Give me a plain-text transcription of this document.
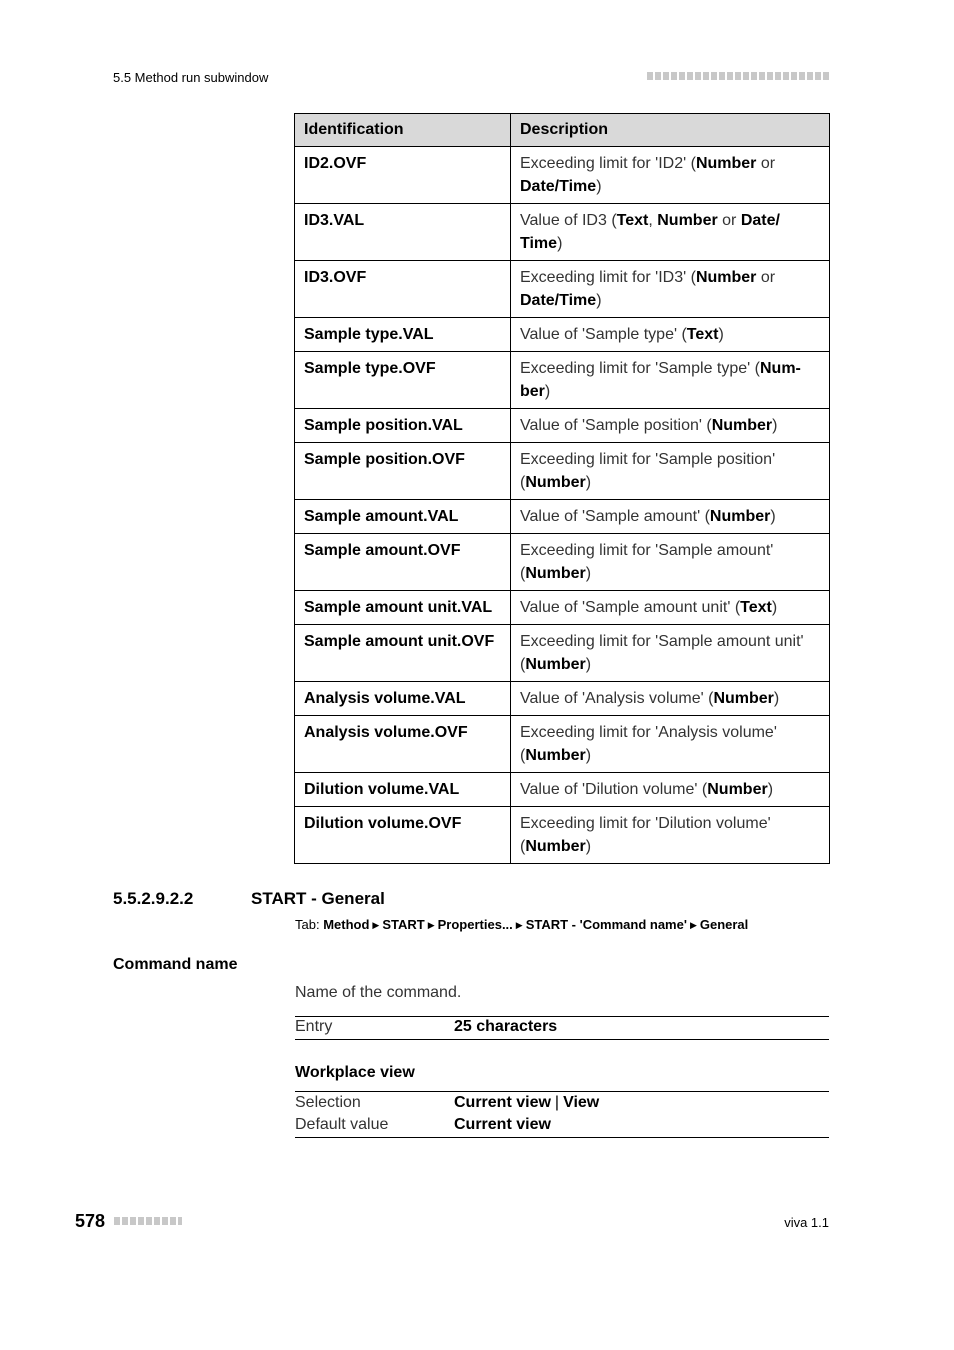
5.5 Method run subwindow
Identification	Description
ID2.OVF	Exceeding limit for 'ID2' (Number or Date/Time)
ID3.VAL	Value of ID3 (Text, Number or Date/ Time)
ID3.OVF	Exceeding limit for 'ID3' (Number or Date/Time)
Sample type.VAL	Value of 'Sample type' (Text)
Sample type.OVF	Exceeding limit for 'Sample type' (Num-ber)
Sample position.VAL	Value of 'Sample position' (Number)
Sample position.OVF	Exceeding limit for 'Sample position' (Number)
Sample amount.VAL	Value of 'Sample amount' (Number)
Sample amount.OVF	Exceeding limit for 'Sample amount' (Number)
Sample amount unit.VAL	Value of 'Sample amount unit' (Text)
Sample amount unit.OVF	Exceeding limit for 'Sample amount unit' (Number)
Analysis volume.VAL	Value of 'Analysis volume' (Number)
Analysis volume.OVF	Exceeding limit for 'Analysis volume' (Number)
Dilution volume.VAL	Value of 'Dilution volume' (Number)
Dilution volume.OVF	Exceeding limit for 'Dilution volume' (Number)
5.5.2.9.2.2	START - General
Tab: Method ▶ START ▶ Properties... ▶ START - 'Command name' ▶ General
Command name
Name of the command.
Entry	25 characters
Workplace view
Selection	Current view | View
Default value	Current view
578	viva 1.1
